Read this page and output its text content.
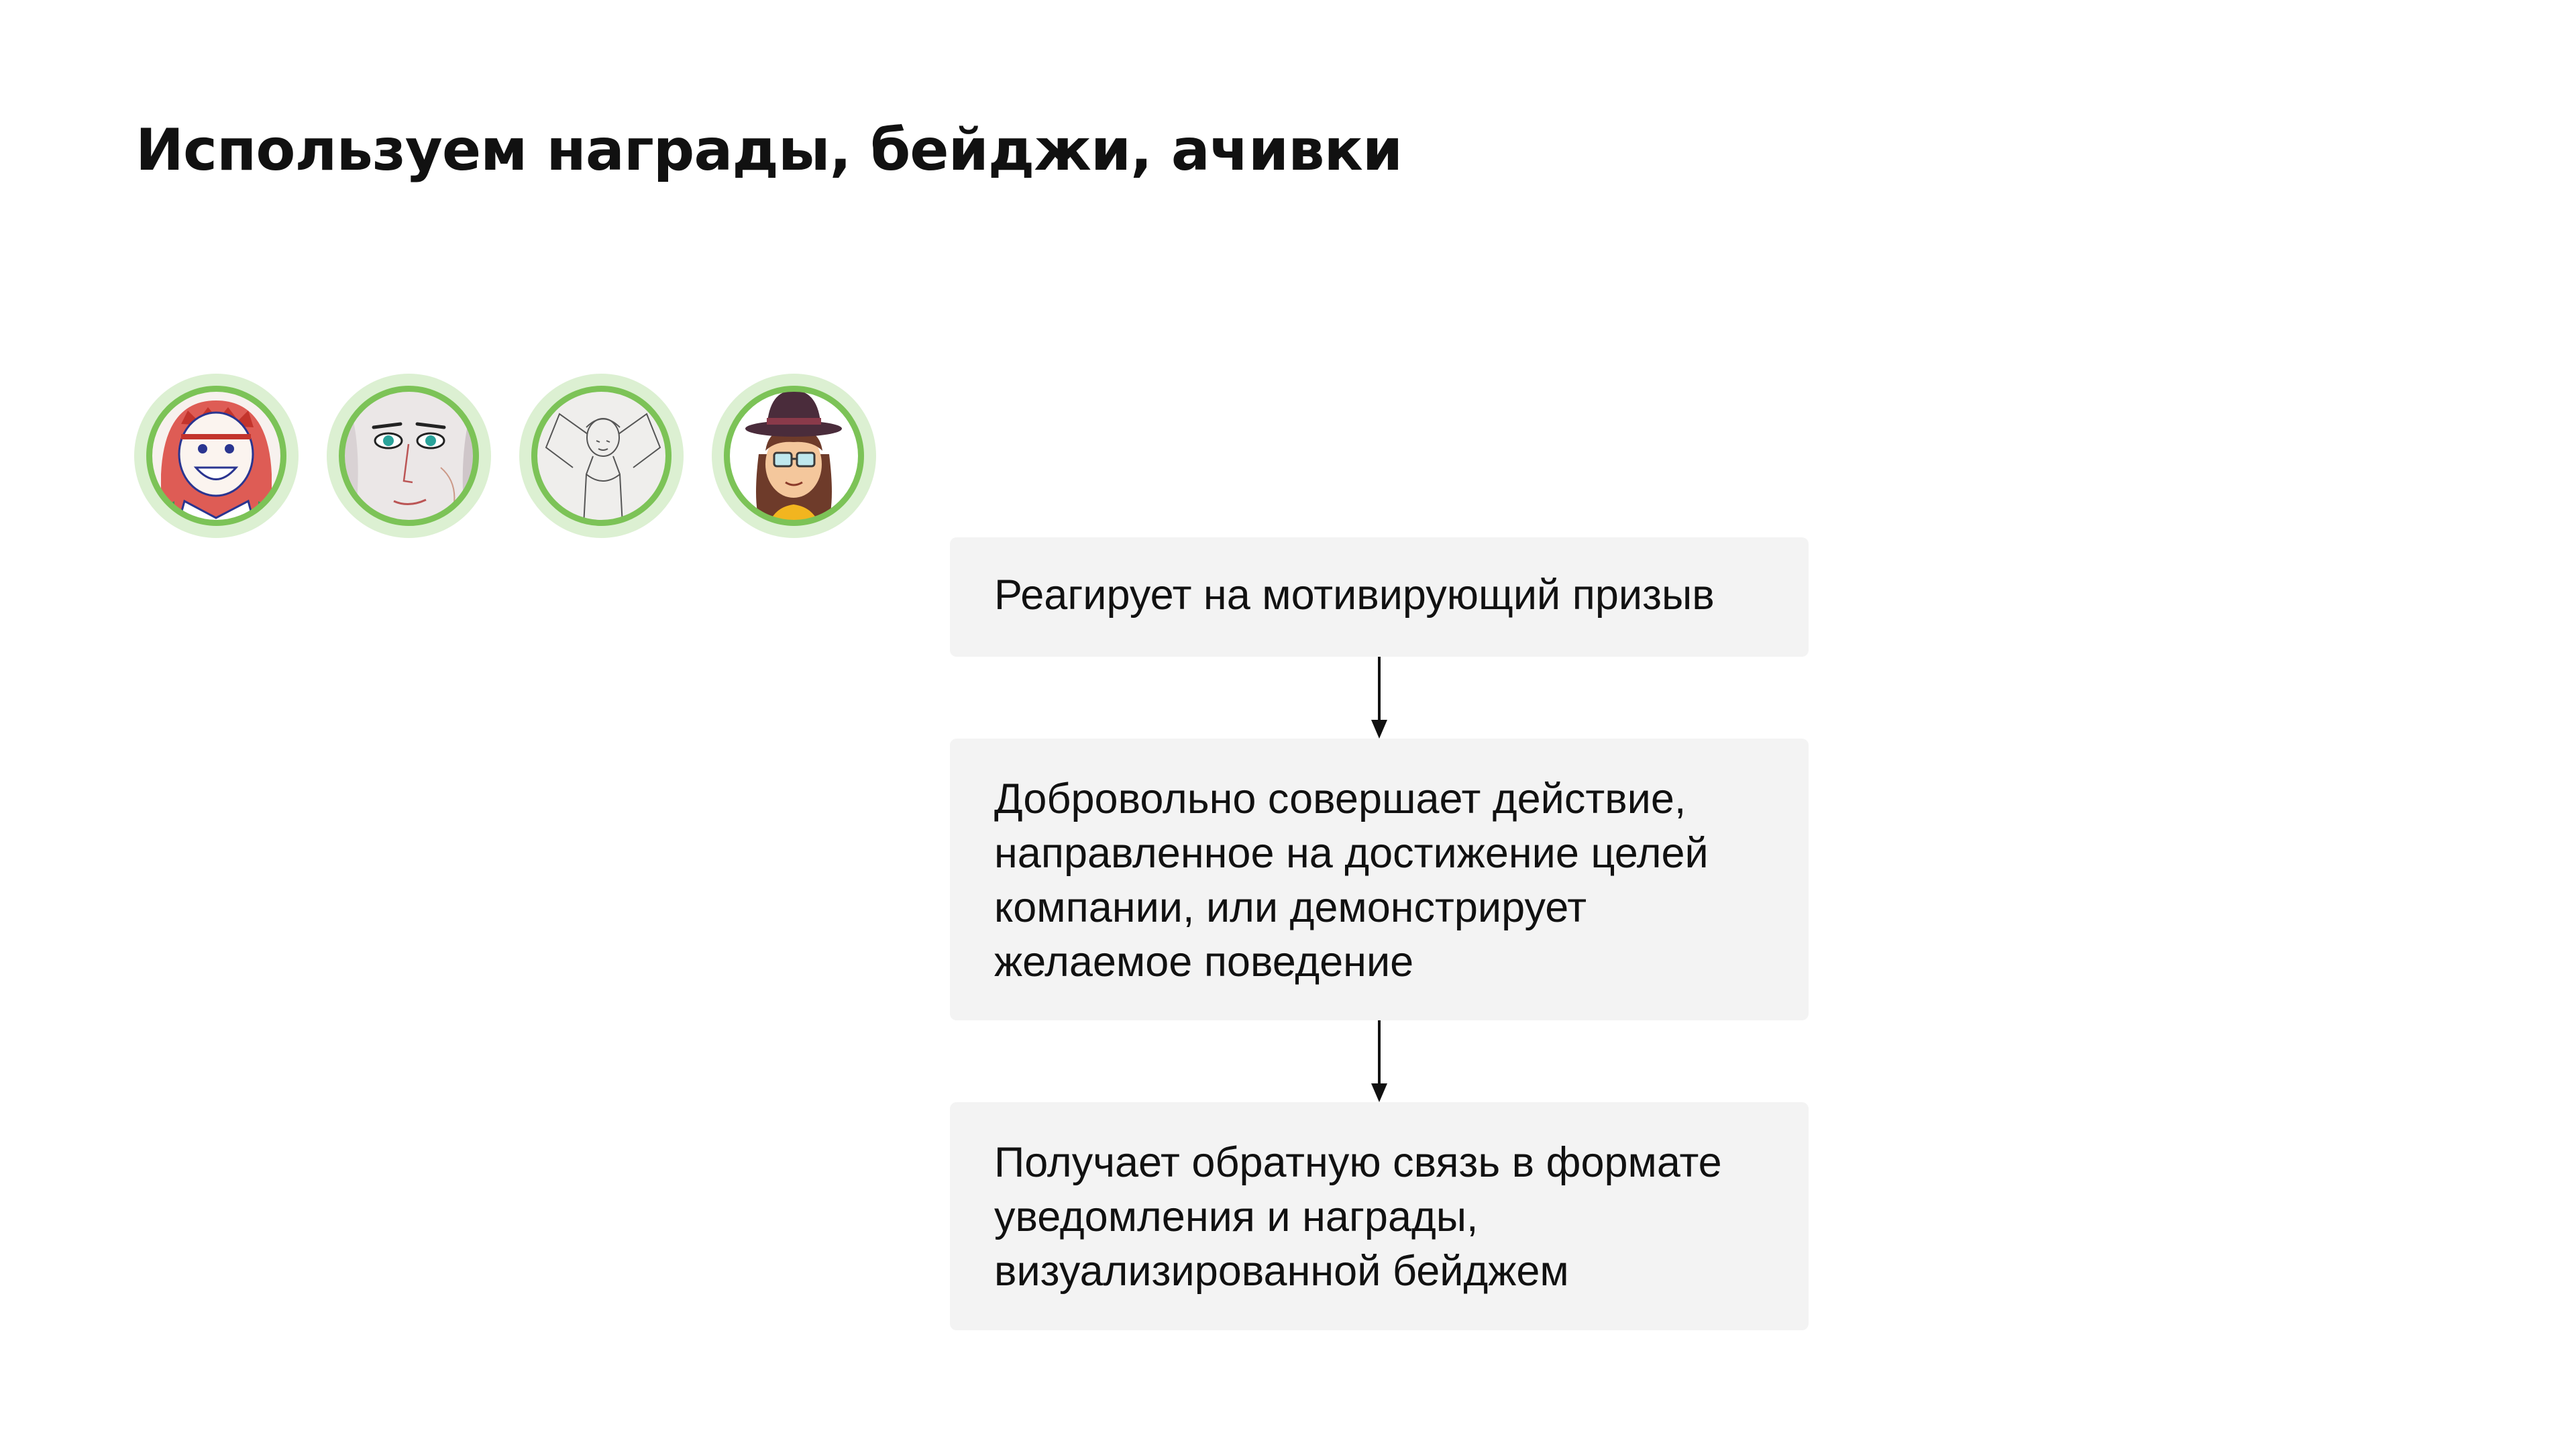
Используем награды, бейджи, ачивки
Реагирует на мотивирующий призыв
Добровольно совершает действие, направленное на достижение целей компании, или демонстрирует желаемое поведение
Получает обратную связь в формате уведомления и награды, визуализированной бейджем
